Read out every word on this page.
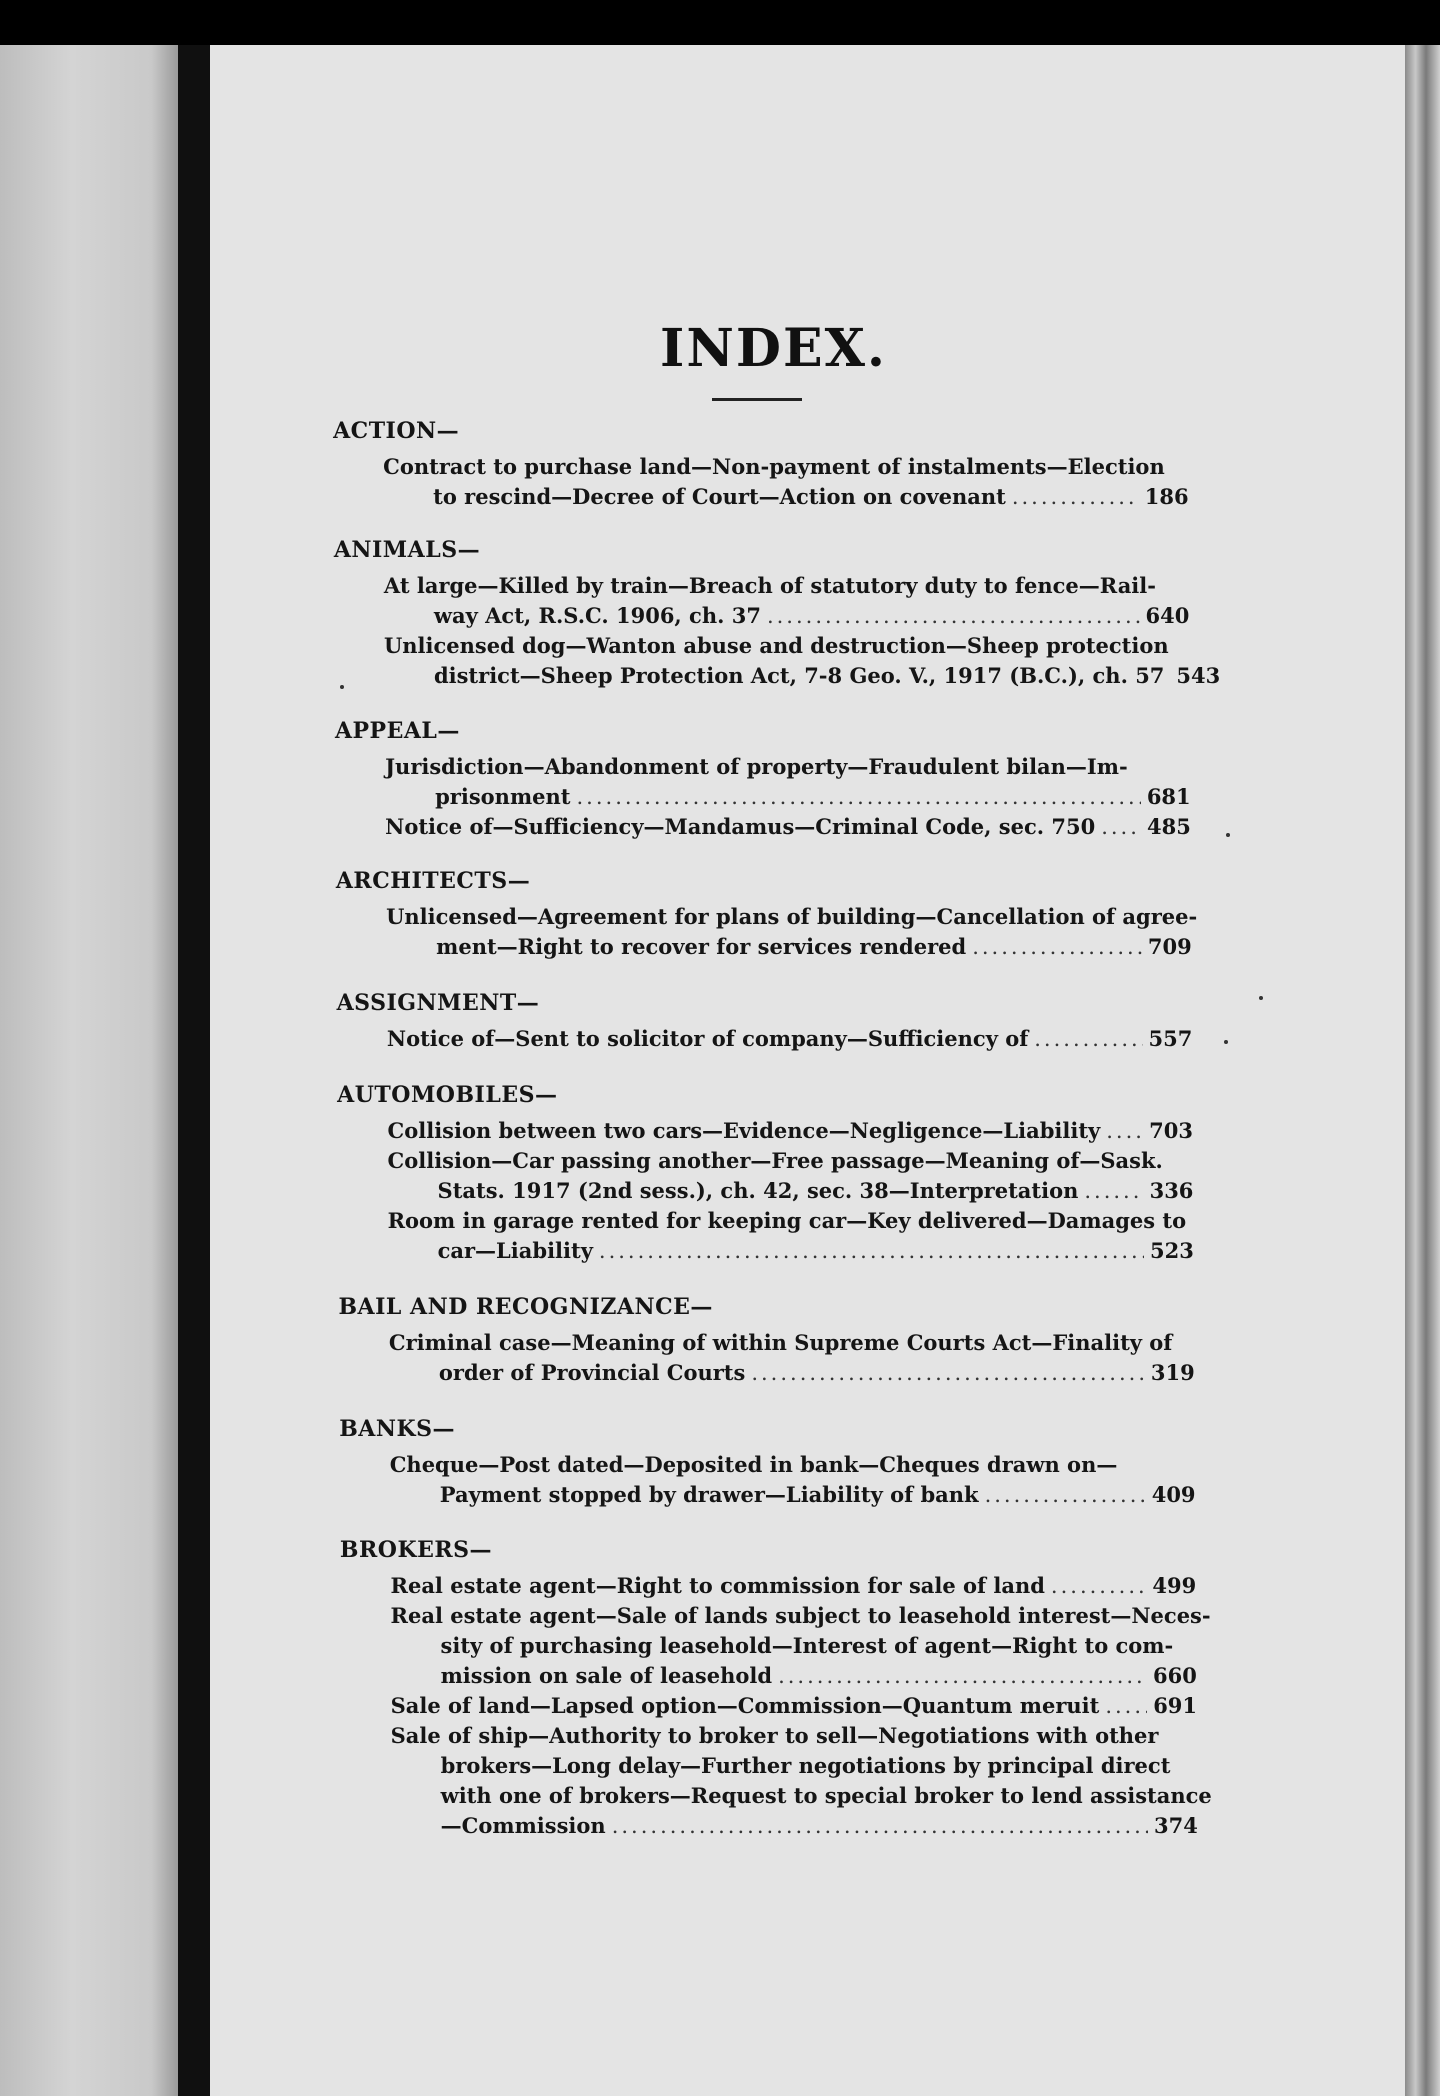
INDEX.
ACTION—
Contract to purchase land—Non-payment of instalments—Election
to rescind—Decree of Court—Action on covenant .....	186
ANIMALS—
At large—Killed by train—Breach of statutory duty to fence—Rail-
way Act, R.S.C. 1906, ch. 37 .....	640
Unlicensed dog—Wanton abuse and destruction—Sheep protection
district—Sheep Protection Act, 7-8 Geo. V., 1917 (B.C.), ch. 57 543
APPEAL—
Jurisdiction—Abandonment of property—Fraudulent bilan—Im-
prisonment .....	681
Notice of—Sufficiency—Mandamus—Criminal Code, sec. 750 ..... 485
ARCHITECTS—
Unlicensed—Agreement for plans of building—Cancellation of agree-
ment—Right to recover for services rendered .....	709
ASSIGNMENT—
Notice of—Sent to solicitor of company—Sufficiency of .....	557
AUTOMOBILES—
Collision between two cars—Evidence—Negligence—Liability ..... 703
Collision—Car passing another—Free passage—Meaning of—Sask.
Stats. 1917 (2nd sess.), ch. 42, sec. 38—Interpretation .....	336
Room in garage rented for keeping car—Key delivered—Damages to
car—Liability .....	523
BAIL AND RECOGNIZANCE—
Criminal case—Meaning of within Supreme Courts Act—Finality of
order of Provincial Courts .....	319
BANKS—
Cheque—Post dated—Deposited in bank—Cheques drawn on—
Payment stopped by drawer—Liability of bank .....	409
BROKERS—
Real estate agent—Right to commission for sale of land .....	499
Real estate agent—Sale of lands subject to leasehold interest—Neces-
sity of purchasing leasehold—Interest of agent—Right to com-
mission on sale of leasehold .....	660
Sale of land—Lapsed option—Commission—Quantum meruit .....	691
Sale of ship—Authority to broker to sell—Negotiations with other
brokers—Long delay—Further negotiations by principal direct
with one of brokers—Request to special broker to lend assistance
—Commission .....	374
